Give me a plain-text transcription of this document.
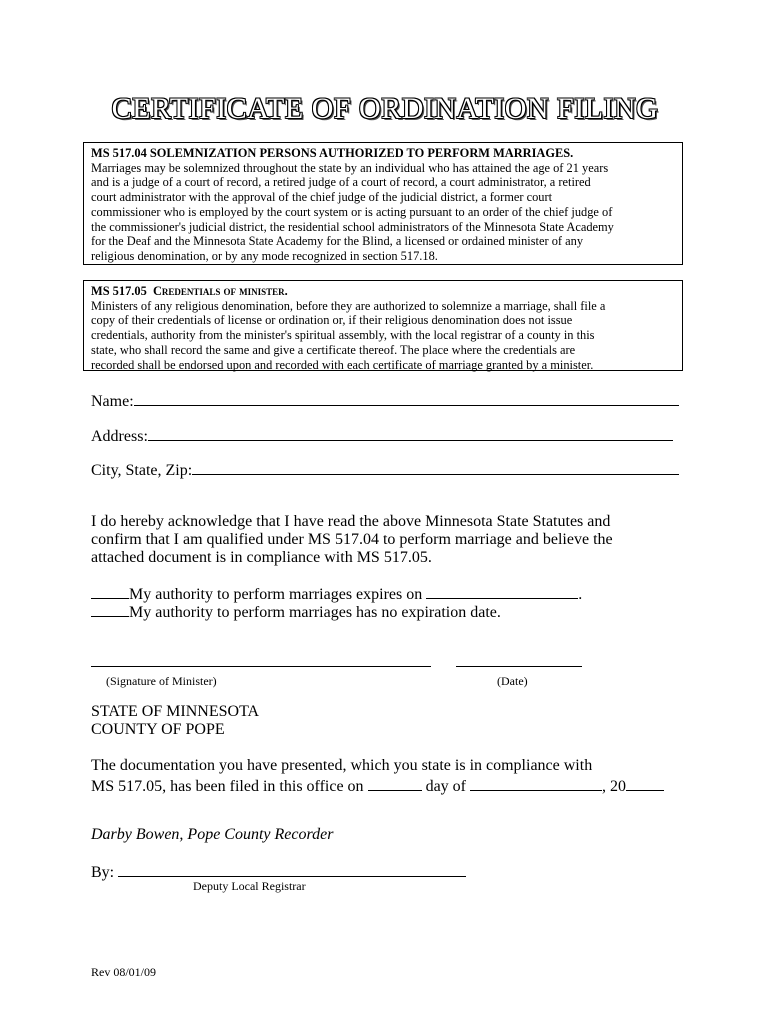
CERTIFICATE OF ORDINATION FILING
MS 517.04 SOLEMNIZATION PERSONS AUTHORIZED TO PERFORM MARRIAGES.
Marriages may be solemnized throughout the state by an individual who has attained the age of 21 years
and is a judge of a court of record, a retired judge of a court of record, a court administrator, a retired
court administrator with the approval of the chief judge of the judicial district, a former court
commissioner who is employed by the court system or is acting pursuant to an order of the chief judge of
the commissioner's judicial district, the residential school administrators of the Minnesota State Academy
for the Deaf and the Minnesota State Academy for the Blind, a licensed or ordained minister of any
religious denomination, or by any mode recognized in section 517.18.
MS 517.05 Credentials of minister.
Ministers of any religious denomination, before they are authorized to solemnize a marriage, shall file a
copy of their credentials of license or ordination or, if their religious denomination does not issue
credentials, authority from the minister's spiritual assembly, with the local registrar of a county in this
state, who shall record the same and give a certificate thereof. The place where the credentials are
recorded shall be endorsed upon and recorded with each certificate of marriage granted by a minister.
Name:
Address:
City, State, Zip:
I do hereby acknowledge that I have read the above Minnesota State Statutes and
confirm that I am qualified under MS 517.04 to perform marriage and believe the
attached document is in compliance with MS 517.05.
My authority to perform marriages expires on	.
My authority to perform marriages has no expiration date.
(Signature of Minister)	(Date)
STATE OF MINNESOTA
COUNTY OF POPE
The documentation you have presented, which you state is in compliance with
MS 517.05, has been filed in this office on	day of	, 20
Darby Bowen, Pope County Recorder
By:
Deputy Local Registrar
Rev 08/01/09
